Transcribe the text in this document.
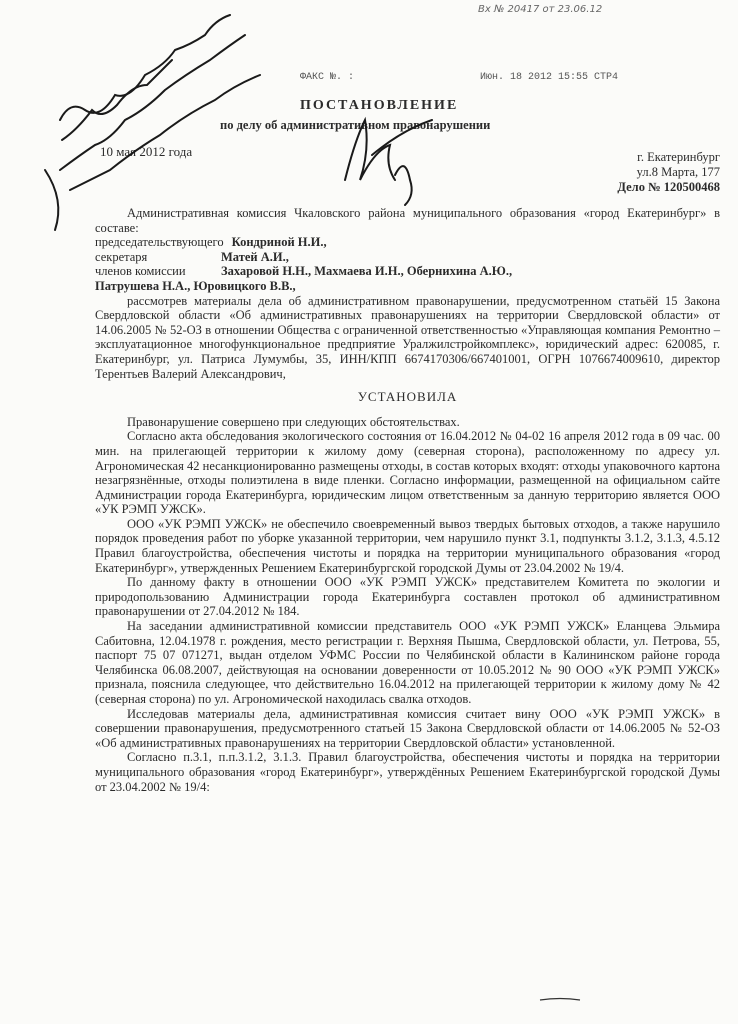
Вх № 20417 от 23.06.12
ФАКС №. :	Июн. 18 2012 15:55 СТР4
ПОСТАНОВЛЕНИЕ
по делу об административном правонарушении
10 мая 2012 года	г. Екатеринбург
ул.8 Марта, 177
Дело № 120500468

Административная комиссия Чкаловского района муниципального образования «город Екатеринбург» в составе:

председательствующего Кондриной Н.И.,
секретаря	Матей А.И.,
членов комиссии	Захаровой Н.Н., Махмаева И.Н., Обернихина А.Ю.,
Патрушева Н.А., Юровицкого В.В.,

рассмотрев материалы дела об административном правонарушении, предусмотренном статьёй 15 Закона Свердловской области «Об административных правонарушениях на территории Свердловской области» от 14.06.2005 № 52-ОЗ в отношении Общества с ограниченной ответственностью «Управляющая компания Ремонтно – эксплуатационное многофункциональное предприятие Уралжилстройкомплекс», юридический адрес: 620085, г. Екатеринбург, ул. Патриса Лумумбы, 35, ИНН/КПП 6674170306/667401001, ОГРН 1076674009610, директор Терентьев Валерий Александрович,

УСТАНОВИЛА

Правонарушение совершено при следующих обстоятельствах.

Согласно акта обследования экологического состояния от 16.04.2012 № 04-02 16 апреля 2012 года в 09 час. 00 мин. на прилегающей территории к жилому дому (северная сторона), расположенному по адресу ул. Агрономическая 42 несанкционированно размещены отходы, в состав которых входят: отходы упаковочного картона незагрязнённые, отходы полиэтилена в виде пленки. Согласно информации, размещенной на официальном сайте Администрации города Екатеринбурга, юридическим лицом ответственным за данную территорию является ООО «УК РЭМП УЖСК».

ООО «УК РЭМП УЖСК» не обеспечило своевременный вывоз твердых бытовых отходов, а также нарушило порядок проведения работ по уборке указанной территории, чем нарушило пункт 3.1, подпункты 3.1.2, 3.1.3, 4.5.12 Правил благоустройства, обеспечения чистоты и порядка на территории муниципального образования «город Екатеринбург», утвержденных Решением Екатеринбургской городской Думы от 23.04.2002 № 19/4.

По данному факту в отношении ООО «УК РЭМП УЖСК» представителем Комитета по экологии и природопользованию Администрации города Екатеринбурга составлен протокол об административном правонарушении от 27.04.2012 № 184.

На заседании административной комиссии представитель ООО «УК РЭМП УЖСК» Еланцева Эльмира Сабитовна, 12.04.1978 г. рождения, место регистрации г. Верхняя Пышма, Свердловской области, ул. Петрова, 55, паспорт 75 07 071271, выдан отделом УФМС России по Челябинской области в Калининском районе города Челябинска 06.08.2007, действующая на основании доверенности от 10.05.2012 № 90 ООО «УК РЭМП УЖСК» признала, пояснила следующее, что действительно 16.04.2012 на прилегающей территории к жилому дому № 42 (северная сторона) по ул. Агрономической находилась свалка отходов.

Исследовав материалы дела, административная комиссия считает вину ООО «УК РЭМП УЖСК» в совершении правонарушения, предусмотренного статьей 15 Закона Свердловской области от 14.06.2005 № 52-ОЗ «Об административных правонарушениях на территории Свердловской области» установленной.

Согласно п.3.1, п.п.3.1.2, 3.1.3. Правил благоустройства, обеспечения чистоты и порядка на территории муниципального образования «город Екатеринбург», утверждённых Решением Екатеринбургской городской Думы от 23.04.2002 № 19/4:
